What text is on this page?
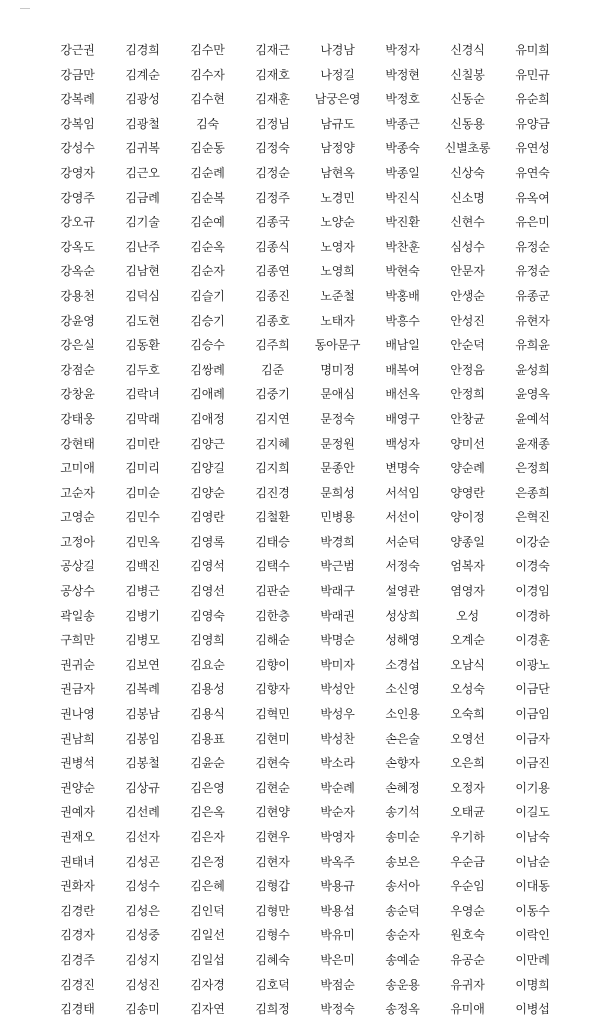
강근권	김경희	김수만	김재근	나경남	박정자	신경식	유미희
강금만	김계순	김수자	김재호	나정길	박정현	신칠봉	유민규
강복례	김광성	김수현	김재훈	남궁은영	박정호	신동순	유순희
강복임	김광철	김숙	김정님	남규도	박종근	신동용	유양금
강성수	김귀복	김순동	김정숙	남정양	박종숙	신별초롱	유연성
강영자	김근오	김순례	김정순	남현옥	박종일	신상숙	유연숙
강영주	김금례	김순복	김정주	노경민	박진식	신소명	유옥여
강오규	김기술	김순예	김종국	노양순	박진환	신현수	유은미
강옥도	김난주	김순옥	김종식	노영자	박찬훈	심성수	유정순
강옥순	김남현	김순자	김종연	노영희	박현숙	안문자	유정순
강용천	김덕심	김슬기	김종진	노준철	박홍배	안생순	유종군
강윤영	김도현	김승기	김종호	노태자	박흥수	안성진	유현자
강은실	김동환	김승수	김주희	동아문구	배남일	안순덕	유희윤
강점순	김두호	김쌍례	김준	명미정	배복여	안정음	윤성희
강창윤	김락녀	김애례	김중기	문애심	배선옥	안정희	윤영옥
강태웅	김막래	김애정	김지연	문정숙	배영구	안창균	윤예석
강현태	김미란	김양근	김지혜	문정원	백성자	양미선	윤재종
고미애	김미리	김양길	김지희	문종안	변명숙	양순례	은정희
고순자	김미순	김양순	김진경	문희성	서석임	양영란	은종희
고영순	김민수	김영란	김철환	민병용	서선이	양이정	은혁진
고정아	김민옥	김영록	김태승	박경희	서순덕	양종일	이강순
공상길	김백진	김영석	김택수	박근범	서정숙	엄복자	이경숙
공상수	김병근	김영선	김판순	박래구	설영관	염영자	이경임
곽일송	김병기	김영숙	김한층	박래권	성상희	오성	이경하
구희만	김병모	김영희	김해순	박명순	성해영	오계순	이경훈
권귀순	김보연	김요순	김향이	박미자	소경섭	오남식	이광노
권금자	김복례	김용성	김향자	박성안	소신영	오성숙	이금단
권나영	김봉남	김용식	김혁민	박성우	소인용	오숙희	이금임
권남희	김봉임	김용표	김현미	박성찬	손은술	오영선	이금자
권병석	김봉철	김윤순	김현숙	박소라	손향자	오은희	이금진
권양순	김상규	김은영	김현순	박순례	손혜정	오정자	이기용
권예자	김선례	김은옥	김현양	박순자	송기석	오태균	이길도
권재오	김선자	김은자	김현우	박영자	송미순	우기하	이남숙
권태녀	김성곤	김은정	김현자	박옥주	송보은	우순금	이남순
권화자	김성수	김은혜	김형갑	박용규	송서아	우순임	이대동
김경란	김성은	김인덕	김형만	박용섭	송순덕	우영순	이동수
김경자	김성중	김일선	김형수	박유미	송순자	원호숙	이락인
김경주	김성지	김일섭	김혜숙	박은미	송예순	유공순	이만례
김경진	김성진	김자경	김호덕	박점순	송운용	유귀자	이명희
김경태	김송미	김자연	김희정	박정숙	송정옥	유미애	이병섭
